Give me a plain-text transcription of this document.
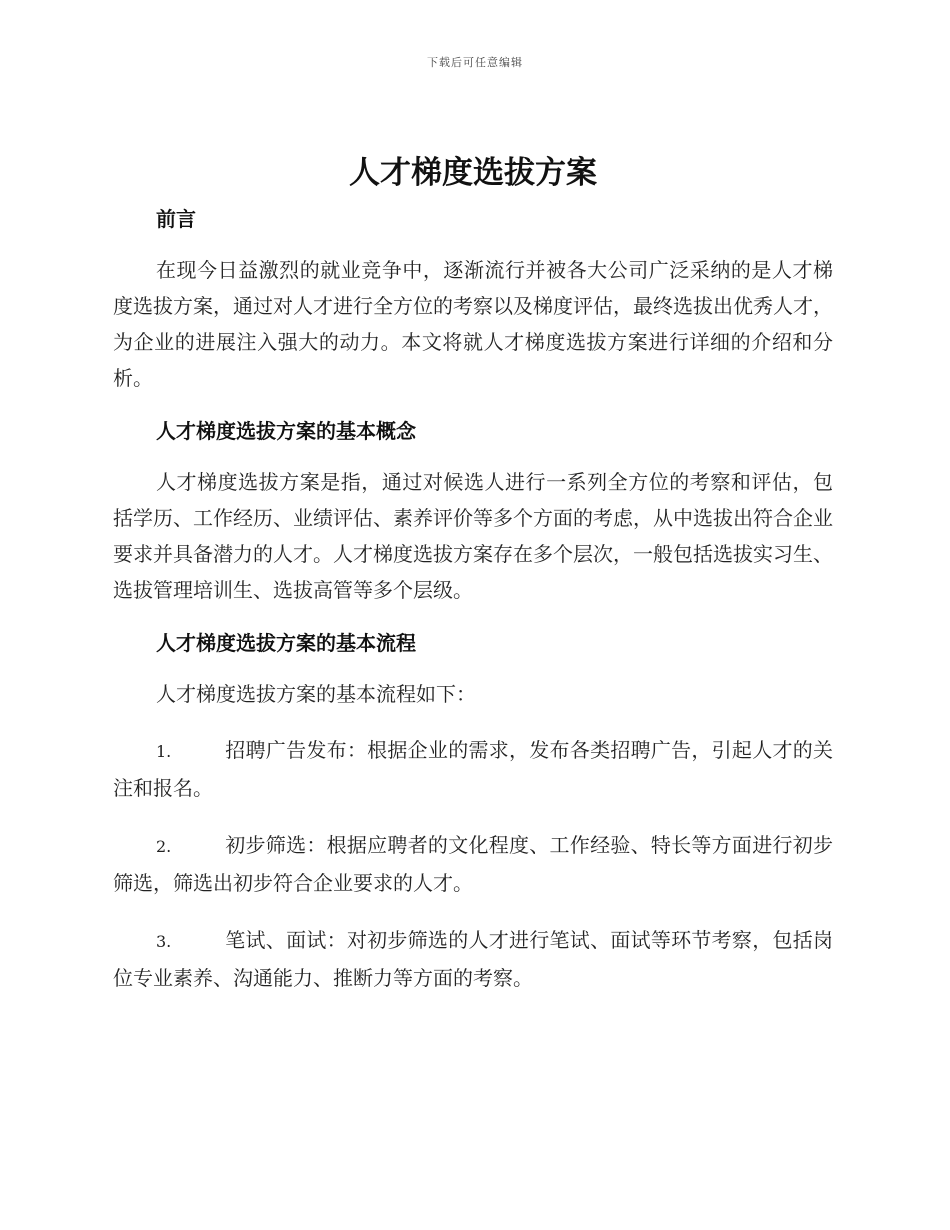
下载后可任意编辑
人才梯度选拔方案
前言

在现今日益激烈的就业竞争中，逐渐流行并被各大公司广泛采纳的是人才梯度选拔方案，通过对人才进行全方位的考察以及梯度评估，最终选拔出优秀人才，为企业的进展注入强大的动力。本文将就人才梯度选拔方案进行详细的介绍和分析。

人才梯度选拔方案的基本概念

人才梯度选拔方案是指，通过对候选人进行一系列全方位的考察和评估，包括学历、工作经历、业绩评估、素养评价等多个方面的考虑，从中选拔出符合企业要求并具备潜力的人才。人才梯度选拔方案存在多个层次，一般包括选拔实习生、选拔管理培训生、选拔高管等多个层级。

人才梯度选拔方案的基本流程

人才梯度选拔方案的基本流程如下：

1.	招聘广告发布：根据企业的需求，发布各类招聘广告，引起人才的关注和报名。

2.	初步筛选：根据应聘者的文化程度、工作经验、特长等方面进行初步筛选，筛选出初步符合企业要求的人才。

3.	笔试、面试：对初步筛选的人才进行笔试、面试等环节考察，包括岗位专业素养、沟通能力、推断力等方面的考察。
